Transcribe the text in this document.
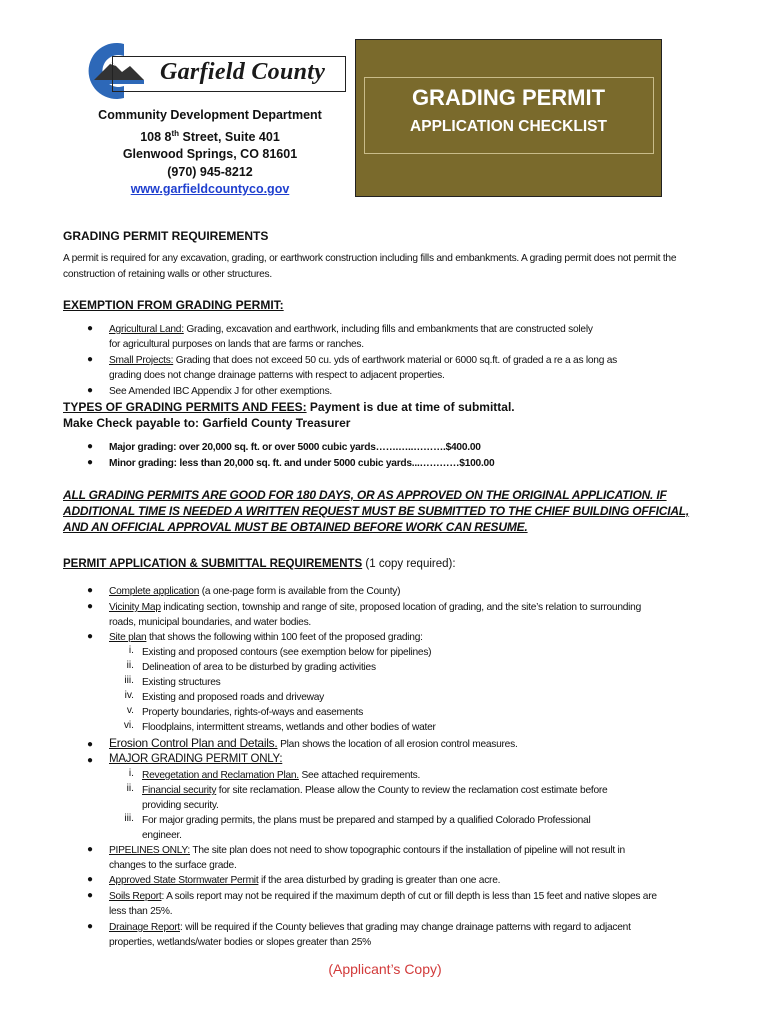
Garfield County
Community Development Department
108 8th Street, Suite 401
Glenwood Springs, CO 81601
(970) 945-8212
www.garfieldcountyco.gov
GRADING PERMIT
APPLICATION CHECKLIST
GRADING PERMIT REQUIREMENTS
A permit is required for any excavation, grading, or earthwork construction including fills and embankments. A grading permit does not permit the construction of retaining walls or other structures.
EXEMPTION FROM GRADING PERMIT:
● Agricultural Land: Grading, excavation and earthwork, including fills and embankments that are constructed solely
for agricultural purposes on lands that are farms or ranches.
● Small Projects: Grading that does not exceed 50 cu. yds of earthwork material or 6000 sq.ft. of graded a re a as long as
grading does not change drainage patterns with respect to adjacent properties.
● See Amended IBC Appendix J for other exemptions.
TYPES OF GRADING PERMITS AND FEES: Payment is due at time of submittal.
Make Check payable to: Garfield County Treasurer
● Major grading: over 20,000 sq. ft. or over 5000 cubic yards…….…..……….$400.00
● Minor grading: less than 20,000 sq. ft. and under 5000 cubic yards...…………$100.00
ALL GRADING PERMITS ARE GOOD FOR 180 DAYS, OR AS APPROVED ON THE ORIGINAL APPLICATION. IF ADDITIONAL TIME IS NEEDED A WRITTEN REQUEST MUST BE SUBMITTED TO THE CHIEF BUILDING OFFICIAL, AND AN OFFICIAL APPROVAL MUST BE OBTAINED BEFORE WORK CAN RESUME.
PERMIT APPLICATION & SUBMITTAL REQUIREMENTS (1 copy required):
● Complete application (a one-page form is available from the County)
● Vicinity Map indicating section, township and range of site, proposed location of grading, and the site’s relation to surrounding
roads, municipal boundaries, and water bodies.
● Site plan that shows the following within 100 feet of the proposed grading:
i. Existing and proposed contours (see exemption below for pipelines)
ii. Delineation of area to be disturbed by grading activities
iii. Existing structures
iv. Existing and proposed roads and driveway
v. Property boundaries, rights-of-ways and easements
vi. Floodplains, intermittent streams, wetlands and other bodies of water
● Erosion Control Plan and Details. Plan shows the location of all erosion control measures.
● MAJOR GRADING PERMIT ONLY:
i. Revegetation and Reclamation Plan. See attached requirements.
ii. Financial security for site reclamation. Please allow the County to review the reclamation cost estimate before
providing security.
iii. For major grading permits, the plans must be prepared and stamped by a qualified Colorado Professional
engineer.
● PIPELINES ONLY: The site plan does not need to show topographic contours if the installation of pipeline will not result in
changes to the surface grade.
● Approved State Stormwater Permit if the area disturbed by grading is greater than one acre.
● Soils Report: A soils report may not be required if the maximum depth of cut or fill depth is less than 15 feet and native slopes are
less than 25%.
● Drainage Report: will be required if the County believes that grading may change drainage patterns with regard to adjacent
properties, wetlands/water bodies or slopes greater than 25%
(Applicant’s Copy)
